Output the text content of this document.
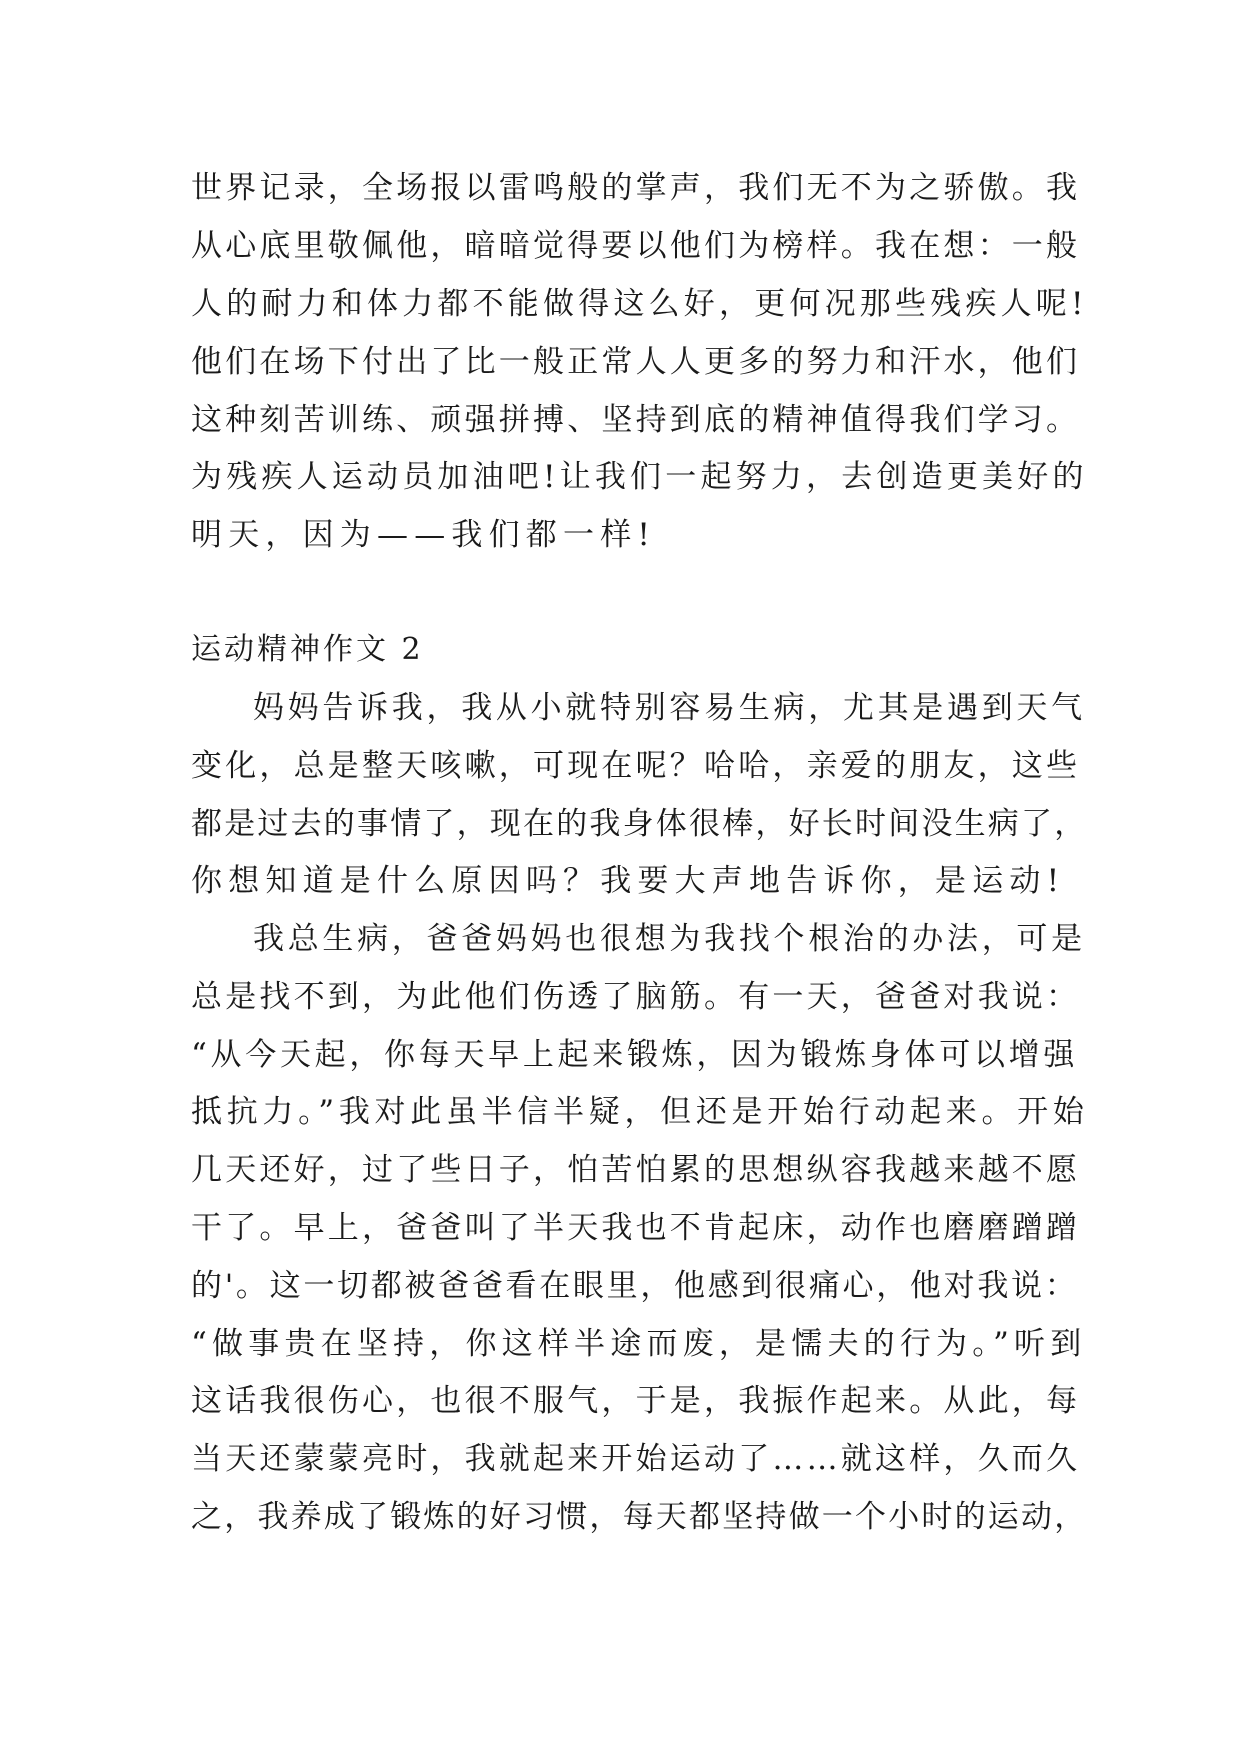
世界记录，全场报以雷鸣般的掌声，我们无不为之骄傲。我
从心底里敬佩他，暗暗觉得要以他们为榜样。我在想：一般
人的耐力和体力都不能做得这么好，更何况那些残疾人呢!
他们在场下付出了比一般正常人人更多的努力和汗水，他们
这种刻苦训练、顽强拼搏、坚持到底的精神值得我们学习。
为残疾人运动员加油吧!让我们一起努力，去创造更美好的
明天，因为——我们都一样!
运动精神作文 2
妈妈告诉我，我从小就特别容易生病，尤其是遇到天气
变化，总是整天咳嗽，可现在呢？哈哈，亲爱的朋友，这些
都是过去的事情了，现在的我身体很棒，好长时间没生病了，
你想知道是什么原因吗？我要大声地告诉你，是运动!
我总生病，爸爸妈妈也很想为我找个根治的办法，可是
总是找不到，为此他们伤透了脑筋。有一天，爸爸对我说：
“从今天起，你每天早上起来锻炼，因为锻炼身体可以增强
抵抗力。”我对此虽半信半疑，但还是开始行动起来。开始
几天还好，过了些日子，怕苦怕累的思想纵容我越来越不愿
干了。早上，爸爸叫了半天我也不肯起床，动作也磨磨蹭蹭
的'。这一切都被爸爸看在眼里，他感到很痛心，他对我说：
“做事贵在坚持，你这样半途而废，是懦夫的行为。”听到
这话我很伤心，也很不服气，于是，我振作起来。从此，每
当天还蒙蒙亮时，我就起来开始运动了……就这样，久而久
之，我养成了锻炼的好习惯，每天都坚持做一个小时的运动，
